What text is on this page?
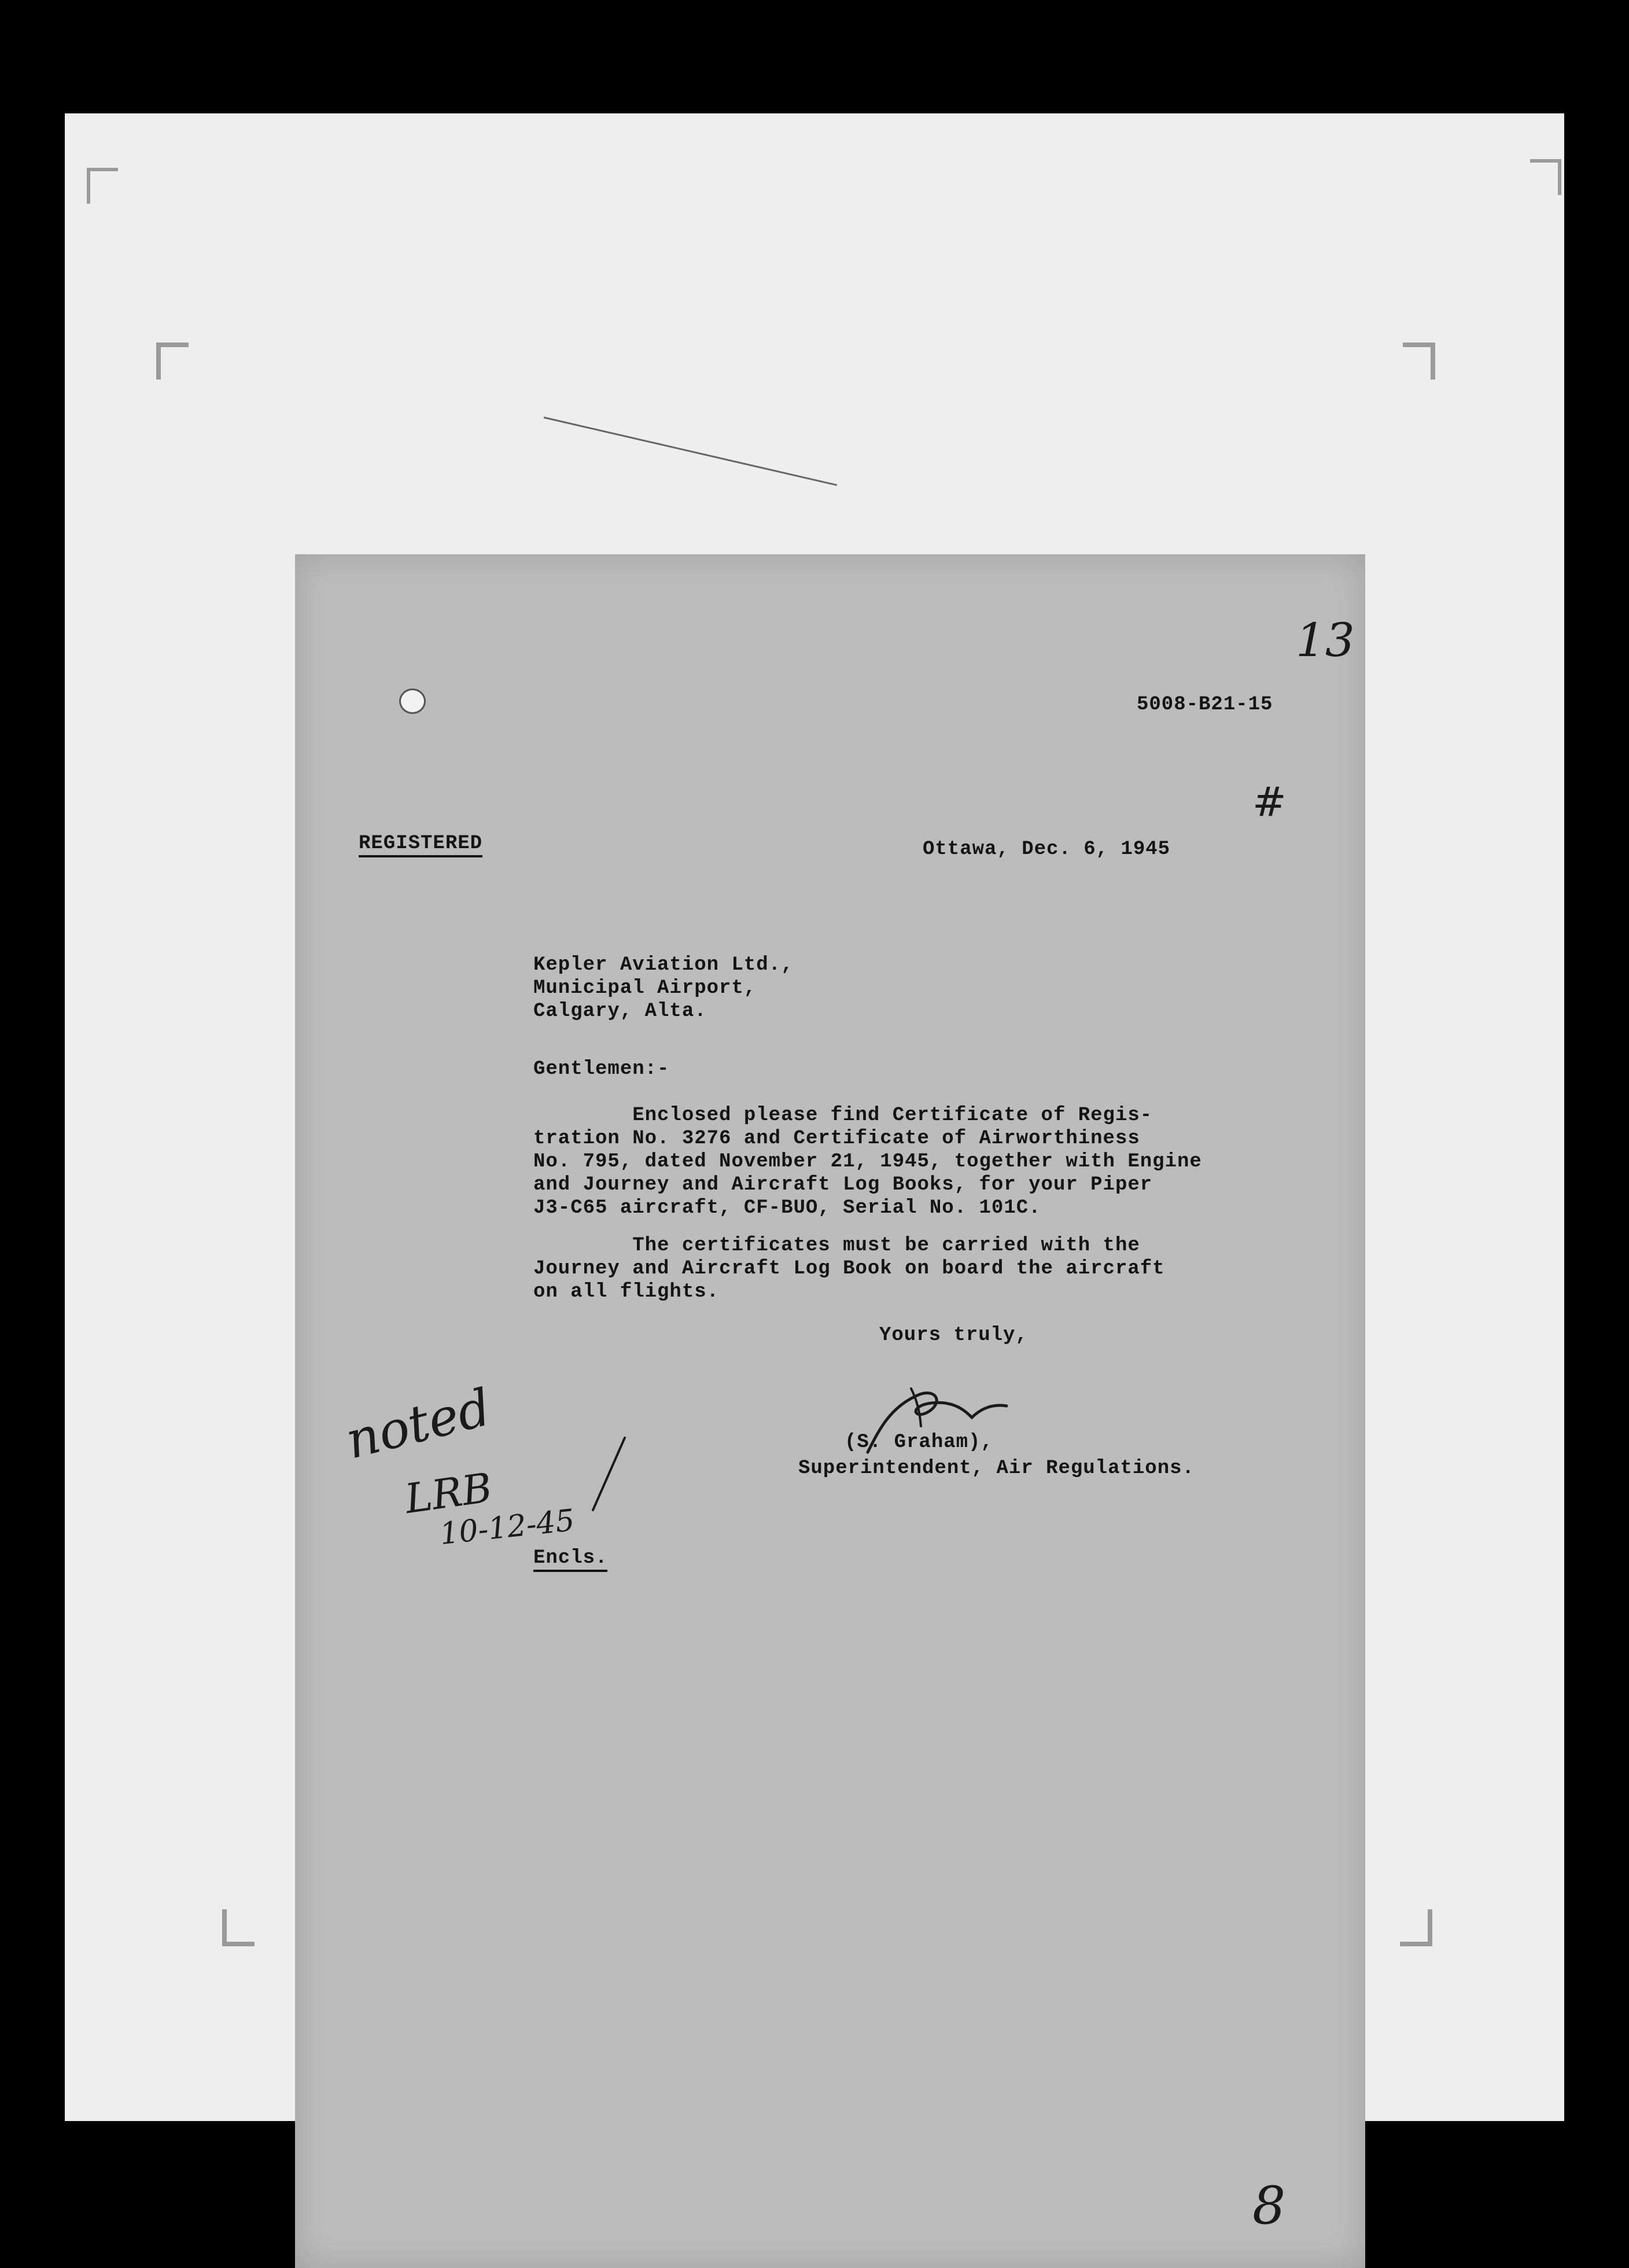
13
5008-B21-15
#
REGISTERED	Ottawa, Dec. 6, 1945
Kepler Aviation Ltd.,
Municipal Airport,
Calgary, Alta.
Gentlemen:-
Enclosed please find Certificate of Regis-
tration No. 3276 and Certificate of Airworthiness
No. 795, dated November 21, 1945, together with Engine
and Journey and Aircraft Log Books, for your Piper
J3-C65 aircraft, CF-BUO, Serial No. 101C.
The certificates must be carried with the
Journey and Aircraft Log Book on board the aircraft
on all flights.
Yours truly,
(S. Graham),
Superintendent, Air Regulations.
noted
LRB
10-12-45
Encls.
8
